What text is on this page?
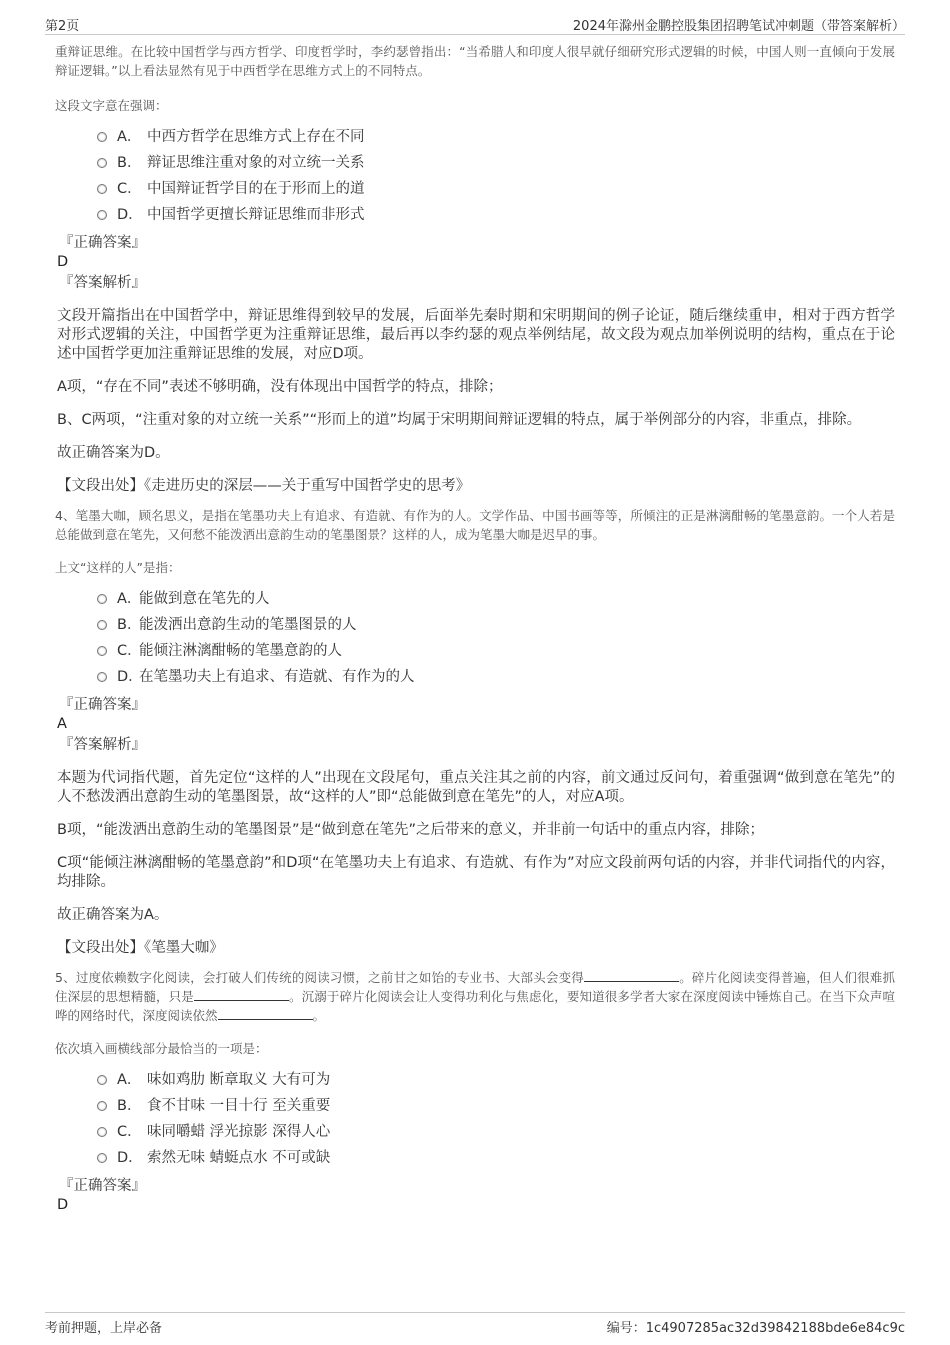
第2页	2024年滁州金鹏控股集团招聘笔试冲刺题（带答案解析）

重辩证思维。在比较中国哲学与西方哲学、印度哲学时，李约瑟曾指出：“当希腊人和印度人很早就仔细研究形式逻辑的时候，中国人则一直倾向于发展辩证逻辑。”以上看法显然有见于中西哲学在思维方式上的不同特点。

这段文字意在强调：

A． 中西方哲学在思维方式上存在不同
B． 辩证思维注重对象的对立统一关系
C． 中国辩证哲学目的在于形而上的道
D． 中国哲学更擅长辩证思维而非形式
『正确答案』
D
『答案解析』
文段开篇指出在中国哲学中，辩证思维得到较早的发展，后面举先秦时期和宋明期间的例子论证，随后继续重申，相对于西方哲学对形式逻辑的关注，中国哲学更为注重辩证思维，最后再以李约瑟的观点举例结尾，故文段为观点加举例说明的结构，重点在于论述中国哲学更加注重辩证思维的发展，对应D项。
A项，“存在不同”表述不够明确，没有体现出中国哲学的特点，排除；
B、C两项，“注重对象的对立统一关系”“形而上的道”均属于宋明期间辩证逻辑的特点，属于举例部分的内容，非重点，排除。
故正确答案为D。
【文段出处】《走进历史的深层——关于重写中国哲学史的思考》

4、笔墨大咖，顾名思义，是指在笔墨功夫上有追求、有造就、有作为的人。文学作品、中国书画等等，所倾注的正是淋漓酣畅的笔墨意韵。一个人若是总能做到意在笔先，又何愁不能泼洒出意韵生动的笔墨图景？这样的人，成为笔墨大咖是迟早的事。

上文“这样的人”是指：

A．
能做到意在笔先的人
B．
能泼洒出意韵生动的笔墨图景的人
C．
能倾注淋漓酣畅的笔墨意韵的人
D．
在笔墨功夫上有追求、有造就、有作为的人
『正确答案』
A
『答案解析』
本题为代词指代题，首先定位“这样的人”出现在文段尾句，重点关注其之前的内容，前文通过反问句，着重强调“做到意在笔先”的人不愁泼洒出意韵生动的笔墨图景，故“这样的人”即“总能做到意在笔先”的人，对应A项。
B项，“能泼洒出意韵生动的笔墨图景”是“做到意在笔先”之后带来的意义，并非前一句话中的重点内容，排除；
C项“能倾注淋漓酣畅的笔墨意韵”和D项“在笔墨功夫上有追求、有造就、有作为”对应文段前两句话的内容，并非代词指代的内容，均排除。
故正确答案为A。
【文段出处】《笔墨大咖》

5、过度依赖数字化阅读，会打破人们传统的阅读习惯，之前甘之如饴的专业书、大部头会变得	。碎片化阅读变得普遍，但人们很难抓住深层的思想精髓，只是	。沉溺于碎片化阅读会让人变得功利化与焦虑化，要知道很多学者大家在深度阅读中锤炼自己。在当下众声喧哗的网络时代，深度阅读依然	。

依次填入画横线部分最恰当的一项是：

A． 味如鸡肋 断章取义 大有可为
B． 食不甘味 一目十行 至关重要
C． 味同嚼蜡 浮光掠影 深得人心
D． 索然无味 蜻蜓点水 不可或缺
『正确答案』
D
考前押题，上岸必备	编号：1c4907285ac32d39842188bde6e84c9c
